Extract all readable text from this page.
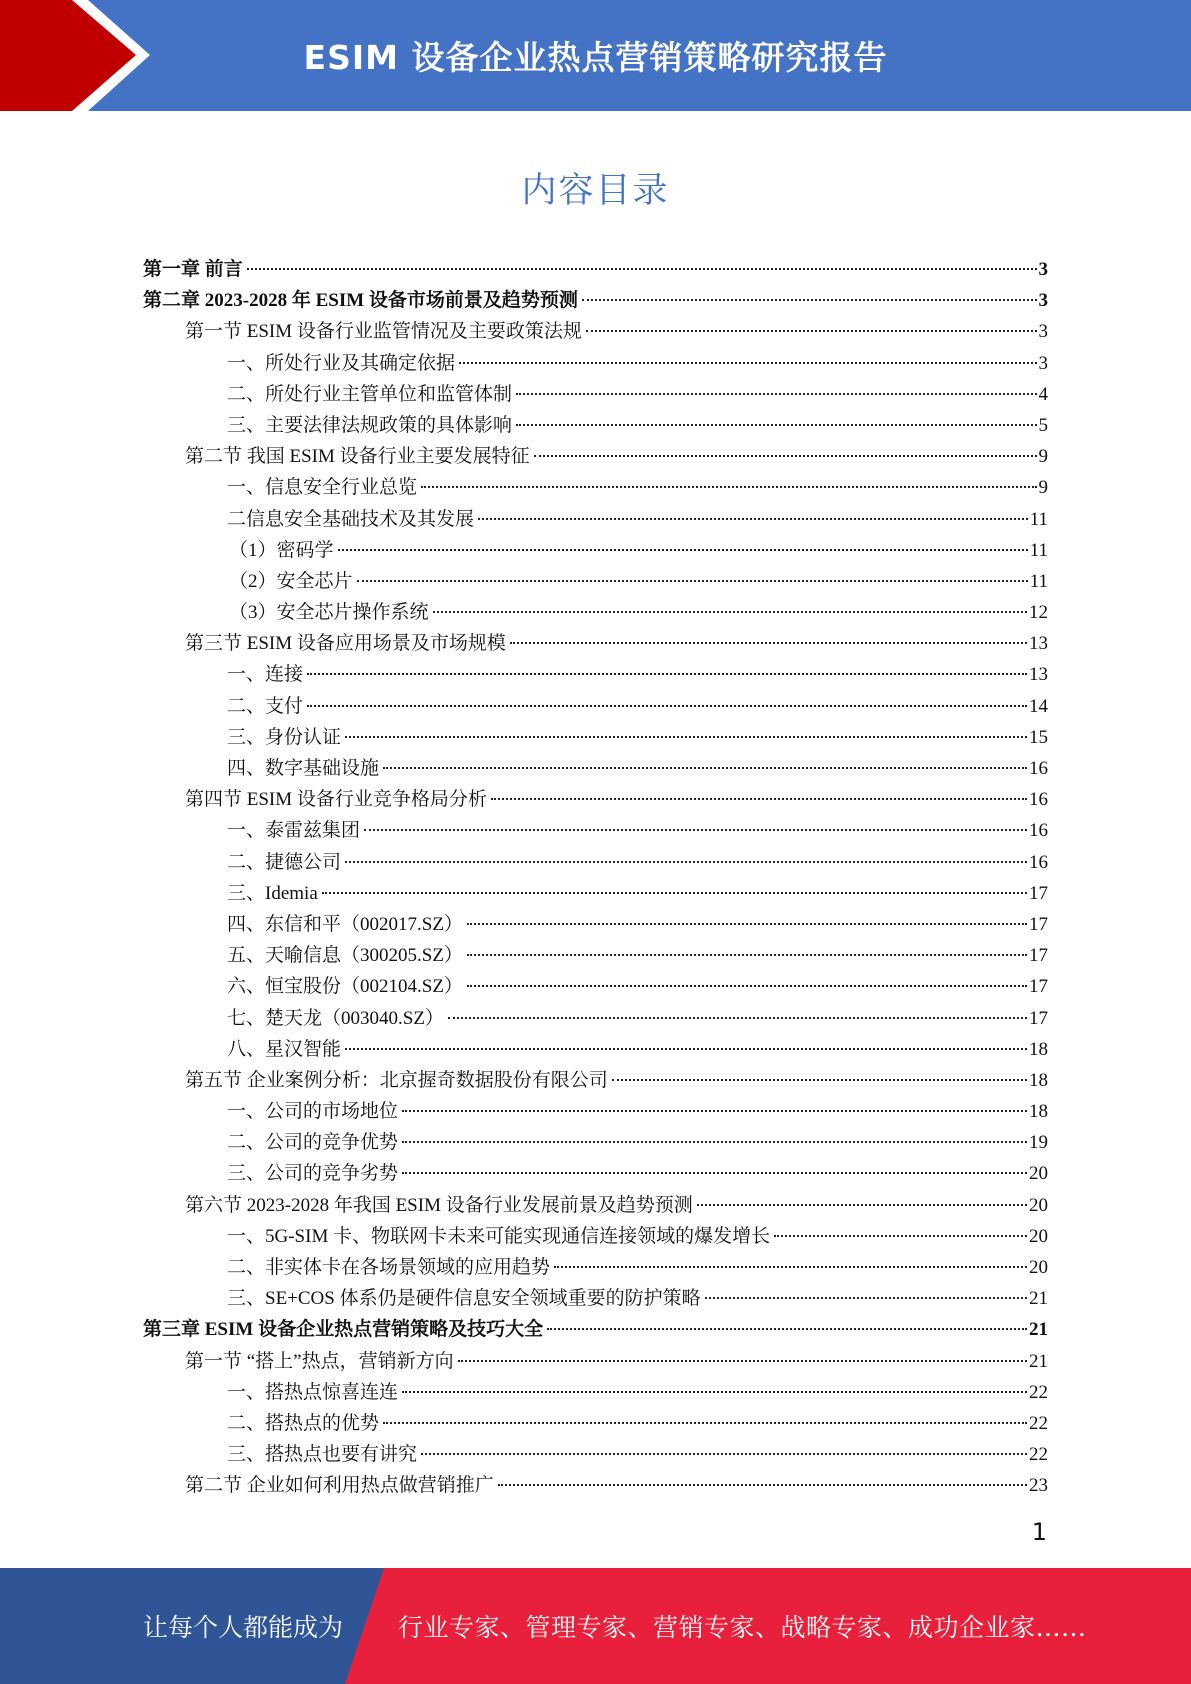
ESIM 设备企业热点营销策略研究报告
内容目录
第一章 前言	3
第二章 2023-2028 年 ESIM 设备市场前景及趋势预测	3
第一节 ESIM 设备行业监管情况及主要政策法规	3
一、所处行业及其确定依据	3
二、所处行业主管单位和监管体制	4
三、主要法律法规政策的具体影响	5
第二节 我国 ESIM 设备行业主要发展特征	9
一、信息安全行业总览	9
二信息安全基础技术及其发展	11
（1）密码学	11
（2）安全芯片	11
（3）安全芯片操作系统	12
第三节 ESIM 设备应用场景及市场规模	13
一、连接	13
二、支付	14
三、身份认证	15
四、数字基础设施	16
第四节 ESIM 设备行业竞争格局分析	16
一、泰雷兹集团	16
二、捷德公司	16
三、Idemia	17
四、东信和平（002017.SZ）	17
五、天喻信息（300205.SZ）	17
六、恒宝股份（002104.SZ）	17
七、楚天龙（003040.SZ）	17
八、星汉智能	18
第五节 企业案例分析：北京握奇数据股份有限公司	18
一、公司的市场地位	18
二、公司的竞争优势	19
三、公司的竞争劣势	20
第六节 2023-2028 年我国 ESIM 设备行业发展前景及趋势预测	20
一、5G-SIM 卡、物联网卡未来可能实现通信连接领域的爆发增长	20
二、非实体卡在各场景领域的应用趋势	20
三、SE+COS 体系仍是硬件信息安全领域重要的防护策略	21
第三章 ESIM 设备企业热点营销策略及技巧大全	21
第一节 “搭上”热点，营销新方向	21
一、搭热点惊喜连连	22
二、搭热点的优势	22
三、搭热点也要有讲究	22
第二节 企业如何利用热点做营销推广	23
1
让每个人都能成为 行业专家、管理专家、营销专家、战略专家、成功企业家……
